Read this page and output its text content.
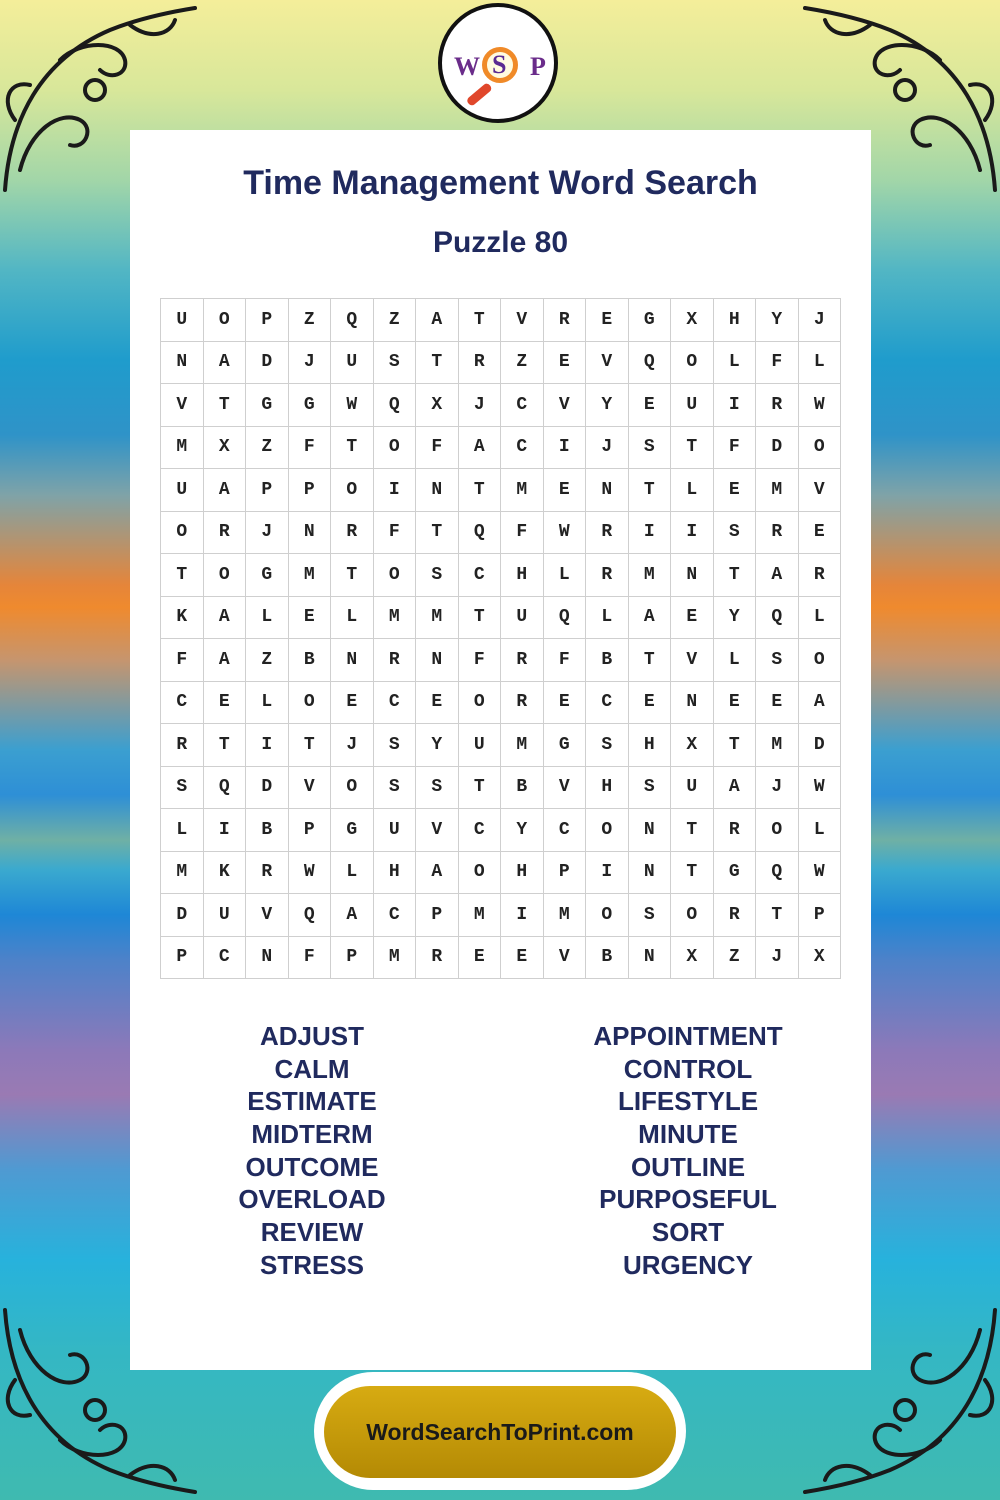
W S P
Time Management Word Search
Puzzle 80
U	O	P	Z	Q	Z	A	T	V	R	E	G	X	H	Y	J
N	A	D	J	U	S	T	R	Z	E	V	Q	O	L	F	L
V	T	G	G	W	Q	X	J	C	V	Y	E	U	I	R	W
M	X	Z	F	T	O	F	A	C	I	J	S	T	F	D	O
U	A	P	P	O	I	N	T	M	E	N	T	L	E	M	V
O	R	J	N	R	F	T	Q	F	W	R	I	I	S	R	E
T	O	G	M	T	O	S	C	H	L	R	M	N	T	A	R
K	A	L	E	L	M	M	T	U	Q	L	A	E	Y	Q	L
F	A	Z	B	N	R	N	F	R	F	B	T	V	L	S	O
C	E	L	O	E	C	E	O	R	E	C	E	N	E	E	A
R	T	I	T	J	S	Y	U	M	G	S	H	X	T	M	D
S	Q	D	V	O	S	S	T	B	V	H	S	U	A	J	W
L	I	B	P	G	U	V	C	Y	C	O	N	T	R	O	L
M	K	R	W	L	H	A	O	H	P	I	N	T	G	Q	W
D	U	V	Q	A	C	P	M	I	M	O	S	O	R	T	P
P	C	N	F	P	M	R	E	E	V	B	N	X	Z	J	X
ADJUST
CALM
ESTIMATE
MIDTERM
OUTCOME
OVERLOAD
REVIEW
STRESS
APPOINTMENT
CONTROL
LIFESTYLE
MINUTE
OUTLINE
PURPOSEFUL
SORT
URGENCY
WordSearchToPrint.com
